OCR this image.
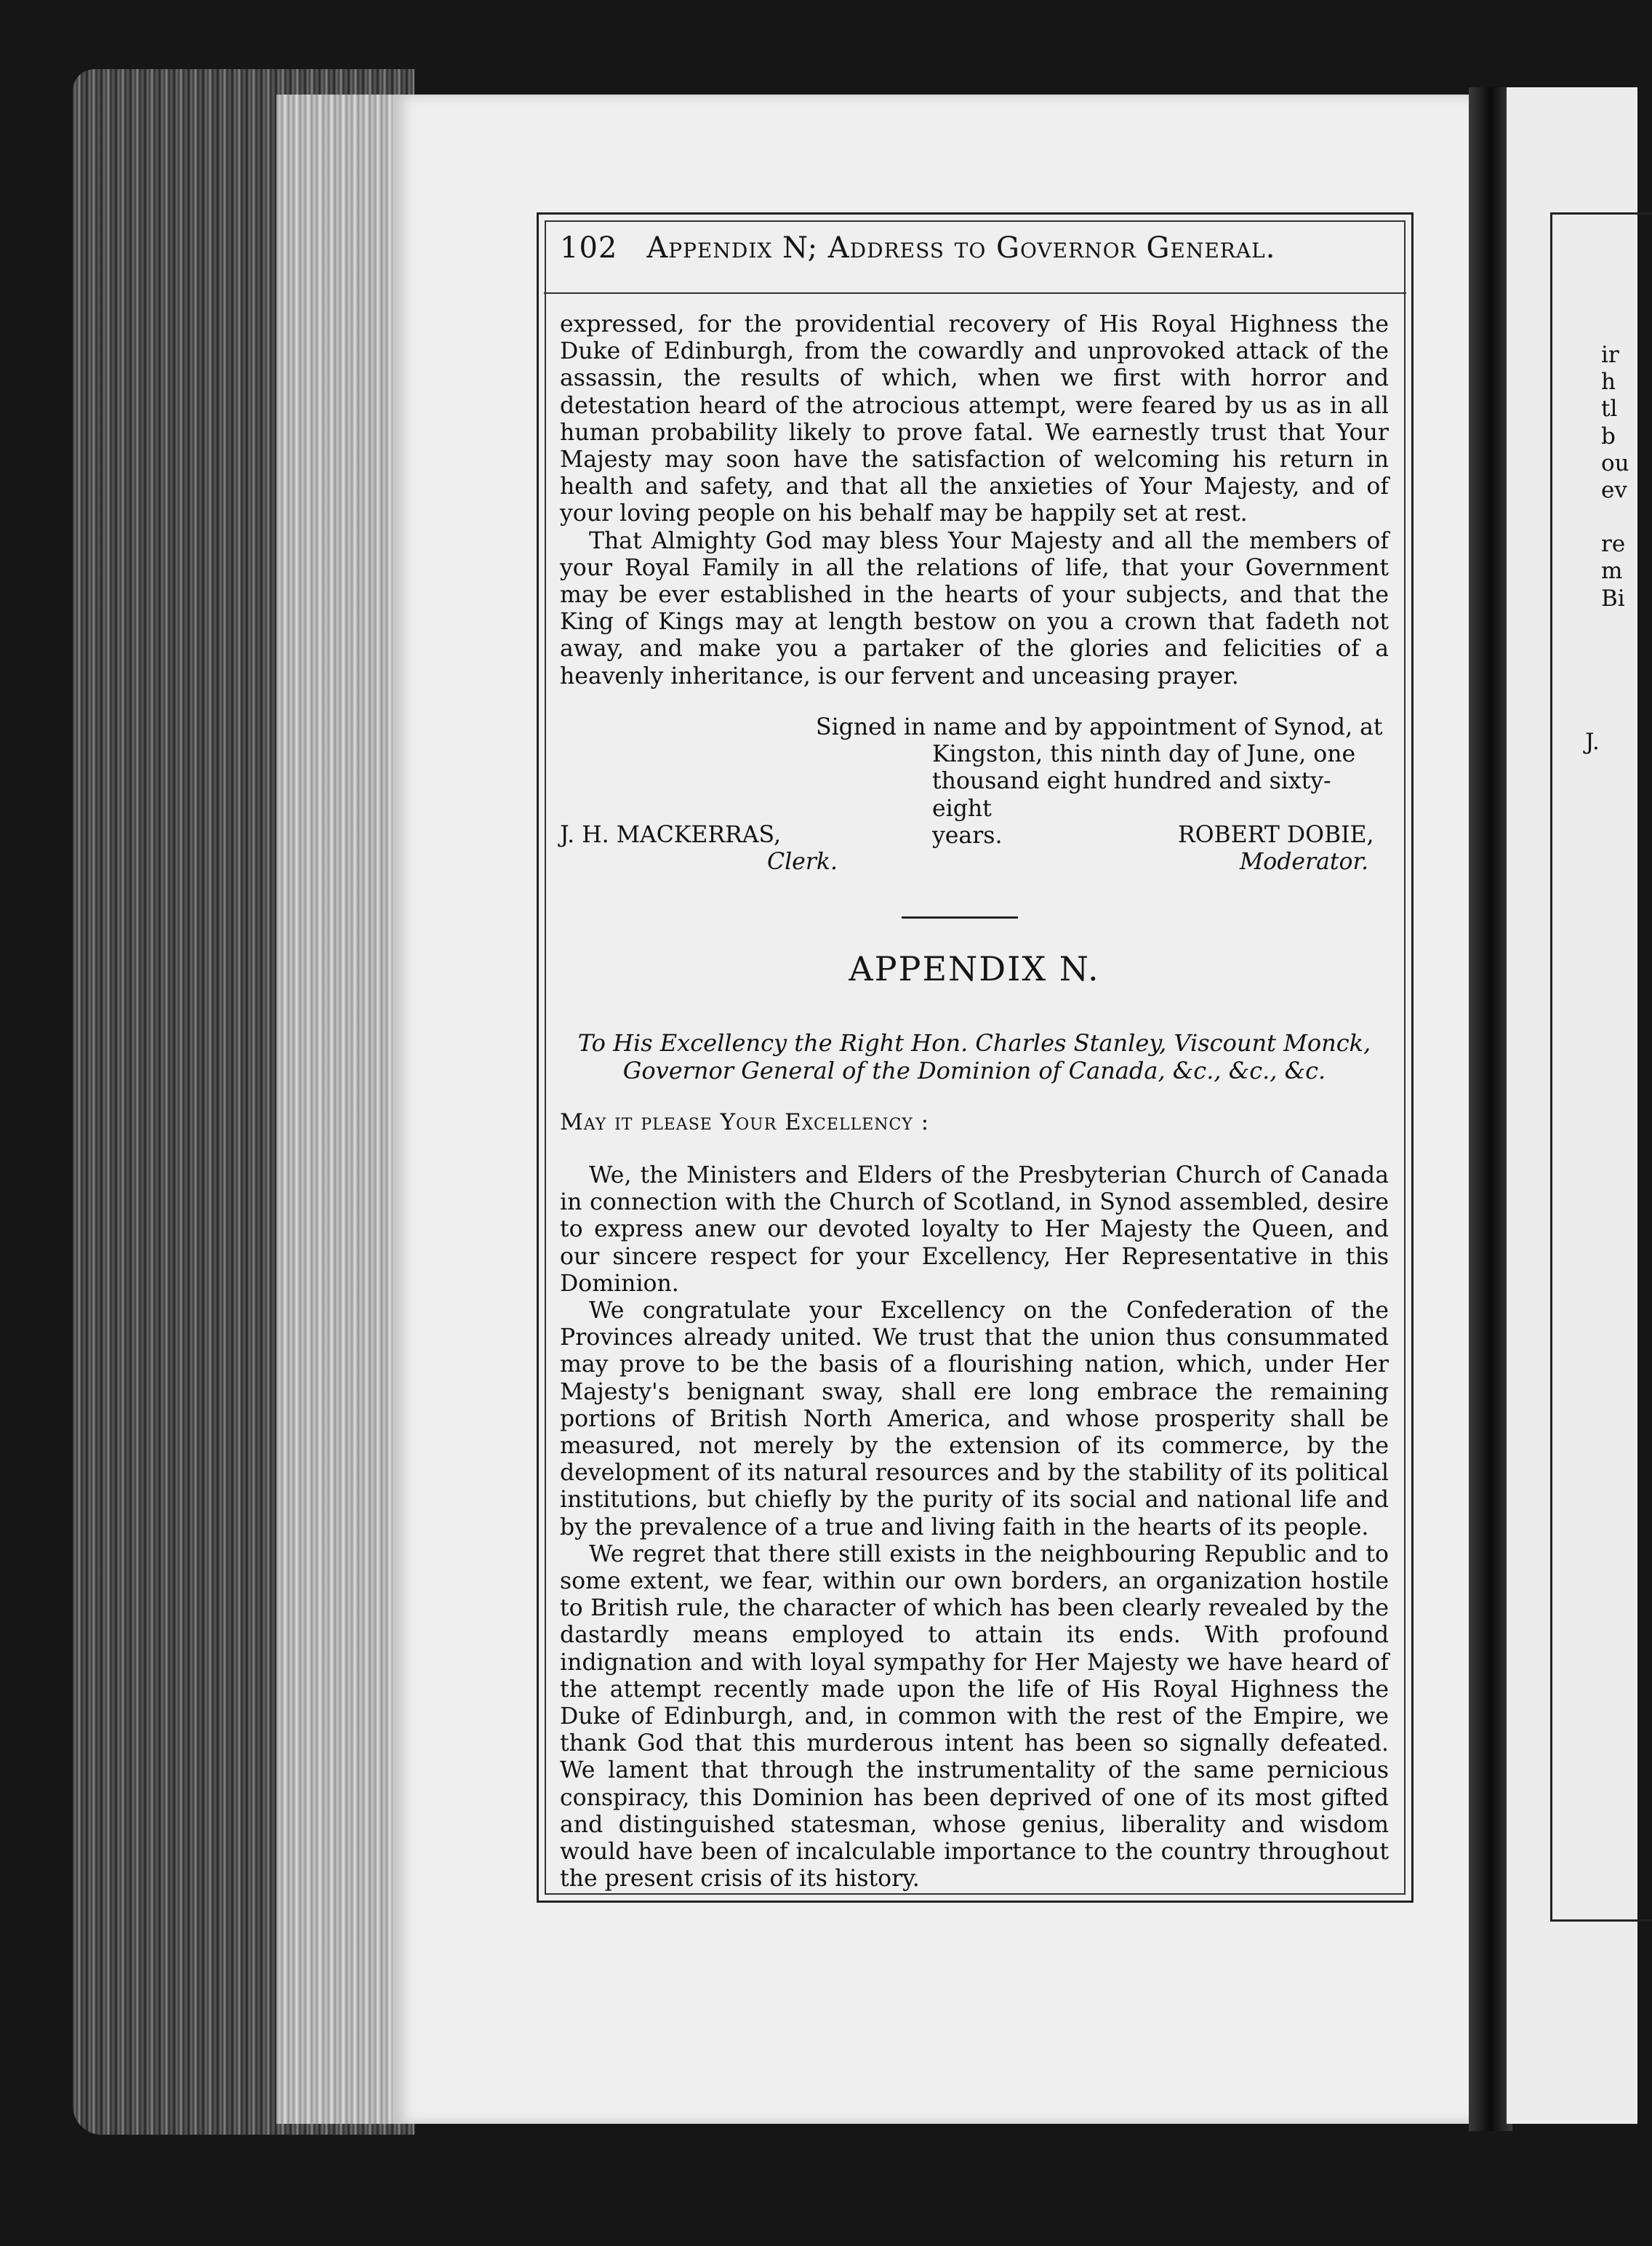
ir
h
tl
b
ou
ev
re
m
Bi
J.
102 Appendix N; Address to Governor General.

expressed, for the providential recovery of His Royal Highness the Duke of Edinburgh, from the cowardly and unprovoked attack of the assassin, the results of which, when we first with horror and detestation heard of the atrocious attempt, were feared by us as in all human probability likely to prove fatal. We earnestly trust that Your Majesty may soon have the satisfaction of welcoming his return in health and safety, and that all the anxieties of Your Majesty, and of your loving people on his behalf may be happily set at rest.

That Almighty God may bless Your Majesty and all the members of your Royal Family in all the relations of life, that your Government may be ever established in the hearts of your subjects, and that the King of Kings may at length bestow on you a crown that fadeth not away, and make you a partaker of the glories and felicities of a heavenly inheritance, is our fervent and unceasing prayer.

Signed in name and by appointment of Synod, at
Kingston, this ninth day of June, one
thousand eight hundred and sixty-eight
years.
J. H. MACKERRAS,
Clerk.
ROBERT DOBIE,
Moderator.
APPENDIX N.
To His Excellency the Right Hon. Charles Stanley, Viscount Monck,
Governor General of the Dominion of Canada, &c., &c., &c.
May it please Your Excellency :

We, the Ministers and Elders of the Presbyterian Church of Canada in connection with the Church of Scotland, in Synod assembled, desire to express anew our devoted loyalty to Her Majesty the Queen, and our sincere respect for your Excellency, Her Representative in this Dominion.

We congratulate your Excellency on the Confederation of the Provinces already united. We trust that the union thus consummated may prove to be the basis of a flourishing nation, which, under Her Majesty's benignant sway, shall ere long embrace the remaining portions of British North America, and whose prosperity shall be measured, not merely by the extension of its commerce, by the development of its natural resources and by the stability of its political institutions, but chiefly by the purity of its social and national life and by the prevalence of a true and living faith in the hearts of its people.

We regret that there still exists in the neighbouring Republic and to some extent, we fear, within our own borders, an organization hostile to British rule, the character of which has been clearly revealed by the dastardly means employed to attain its ends. With profound indignation and with loyal sympathy for Her Majesty we have heard of the attempt recently made upon the life of His Royal Highness the Duke of Edinburgh, and, in common with the rest of the Empire, we thank God that this murderous intent has been so signally defeated. We lament that through the instrumentality of the same pernicious conspiracy, this Dominion has been deprived of one of its most gifted and distinguished statesman, whose genius, liberality and wisdom would have been of incalculable importance to the country throughout the present crisis of its history.
